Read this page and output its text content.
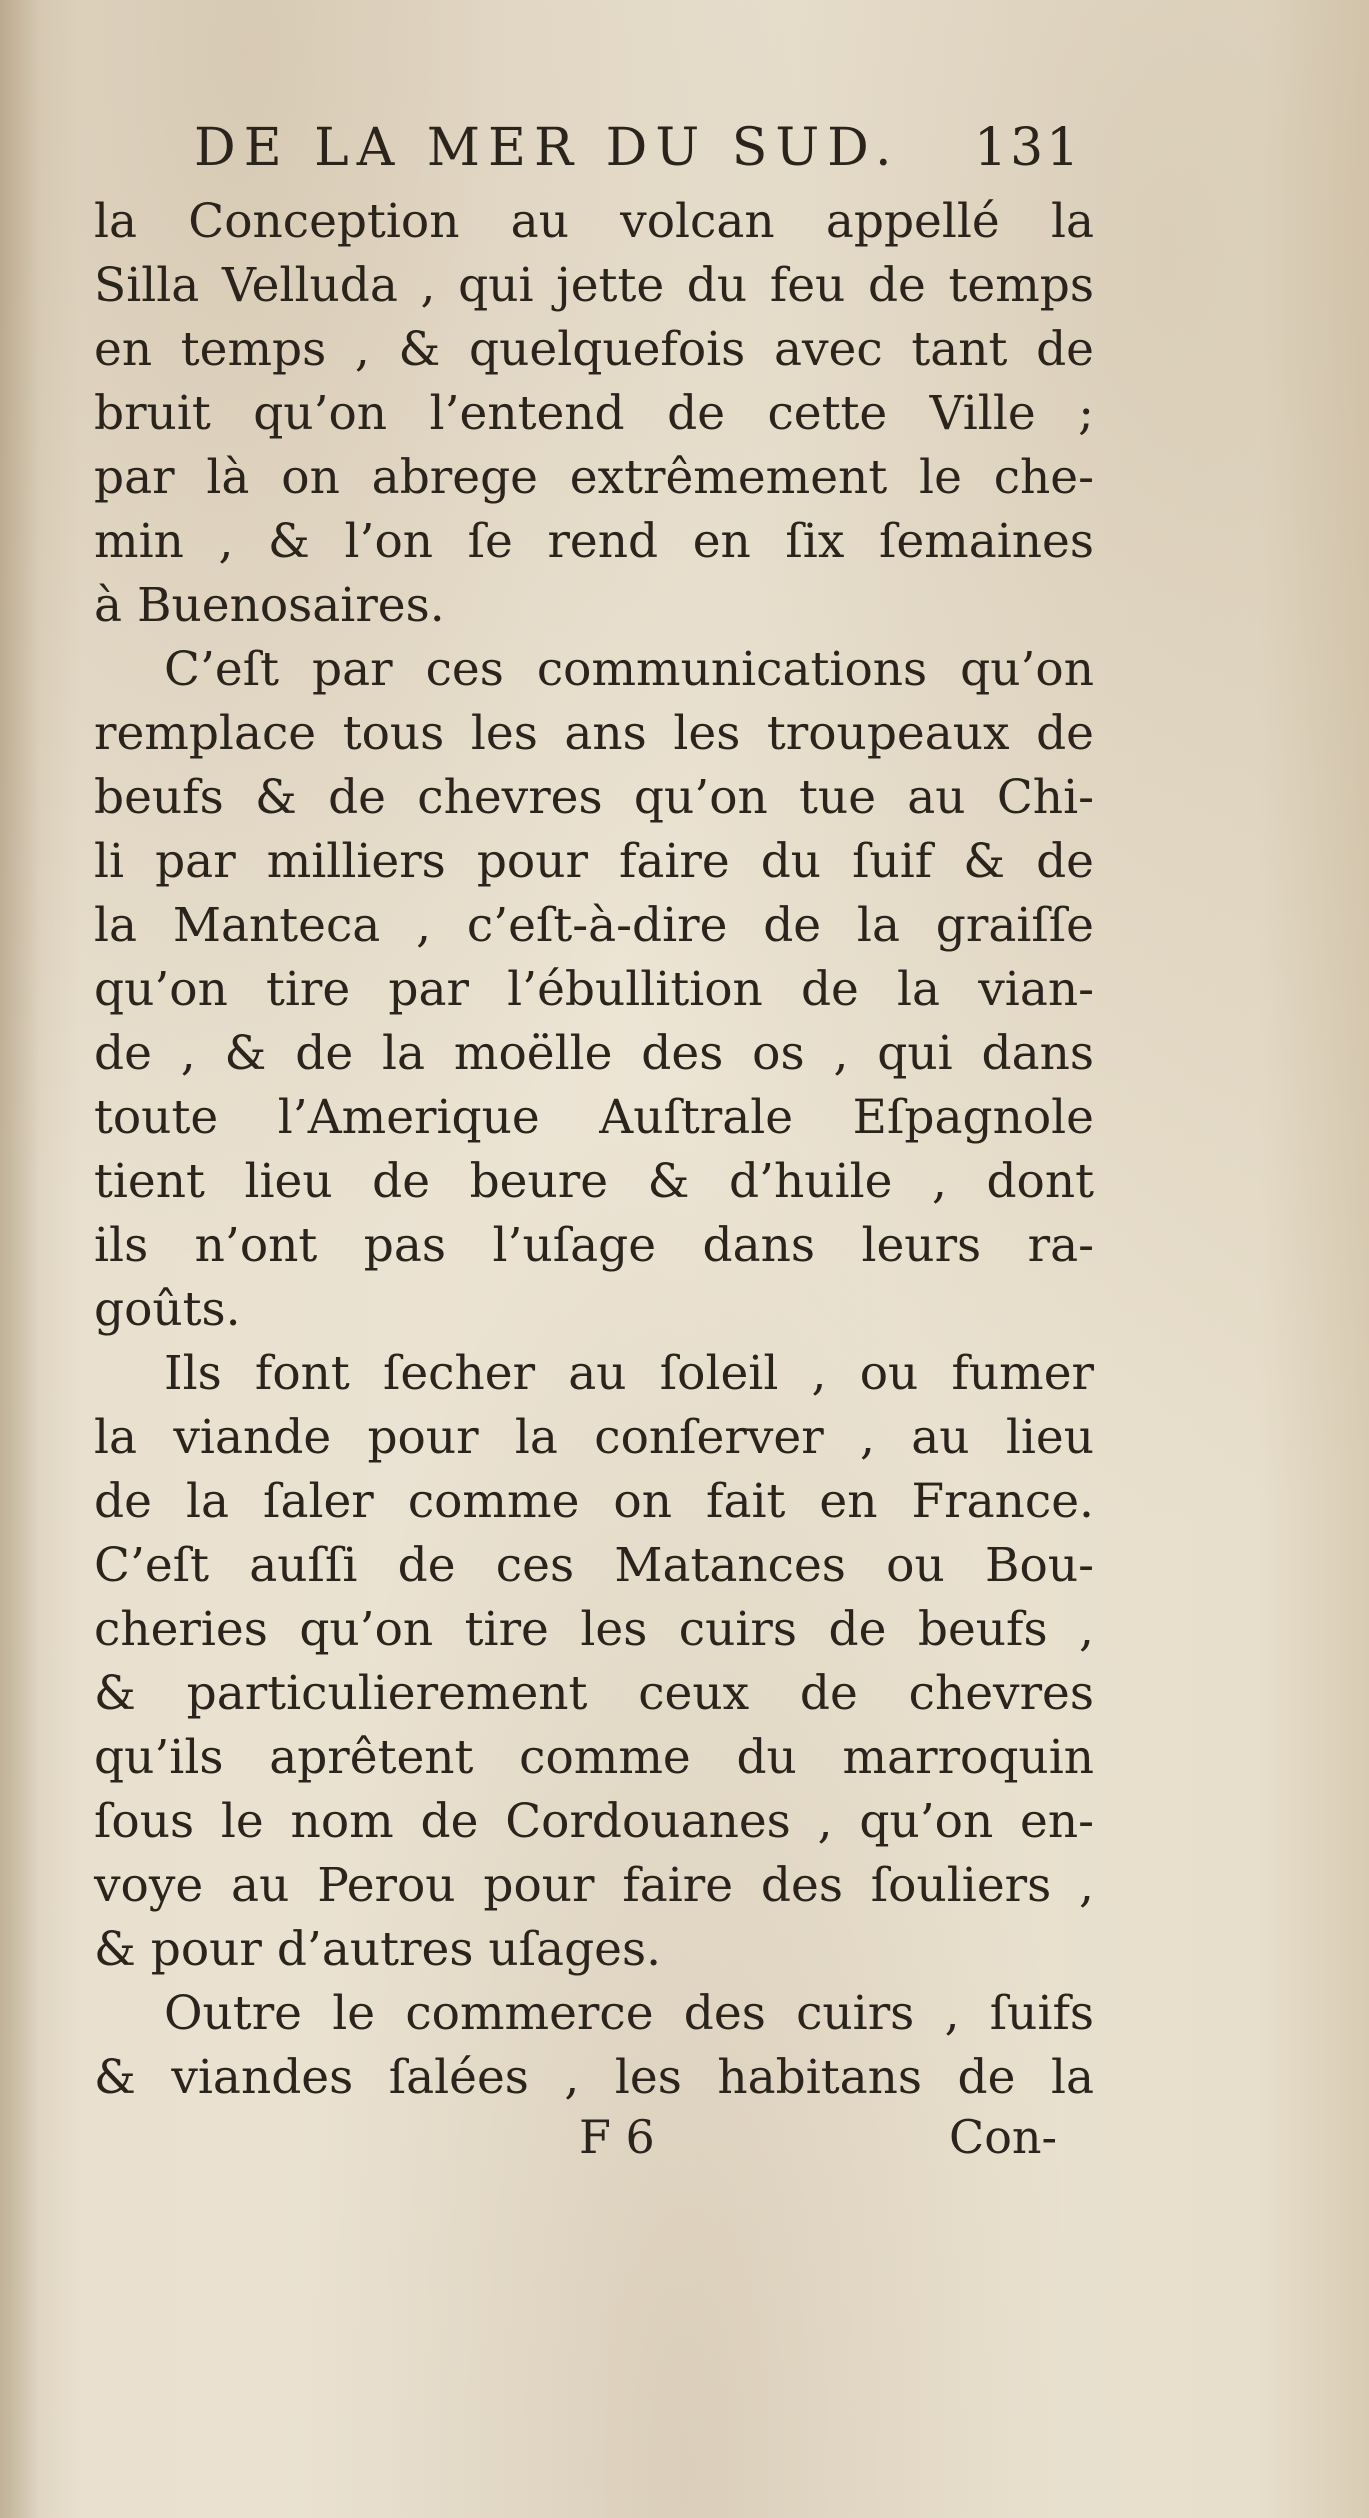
DE LA MER DU SUD. 131
la Conception au volcan appellé la
Silla Velluda , qui jette du feu de temps
en temps , & quelquefois avec tant de
bruit qu’on l’entend de cette Ville ;
par là on abrege extrêmement le che-
min , & l’on ſe rend en ſix ſemaines
à Buenosaires.
C’eſt par ces communications qu’on
remplace tous les ans les troupeaux de
beufs & de chevres qu’on tue au Chi-
li par milliers pour faire du ſuif & de
la Manteca , c’eſt-à-dire de la graiſſe
qu’on tire par l’ébullition de la vian-
de , & de la moëlle des os , qui dans
toute l’Amerique Auſtrale Eſpagnole
tient lieu de beure & d’huile , dont
ils n’ont pas l’uſage dans leurs ra-
goûts.
Ils font ſecher au ſoleil , ou fumer
la viande pour la conſerver , au lieu
de la ſaler comme on fait en France.
C’eſt auſſi de ces Matances ou Bou-
cheries qu’on tire les cuirs de beufs ,
& particulierement ceux de chevres
qu’ils aprêtent comme du marroquin
ſous le nom de Cordouanes , qu’on en-
voye au Perou pour faire des ſouliers ,
& pour d’autres uſages.
Outre le commerce des cuirs , ſuifs
& viandes ſalées , les habitans de la
F 6	Con-
